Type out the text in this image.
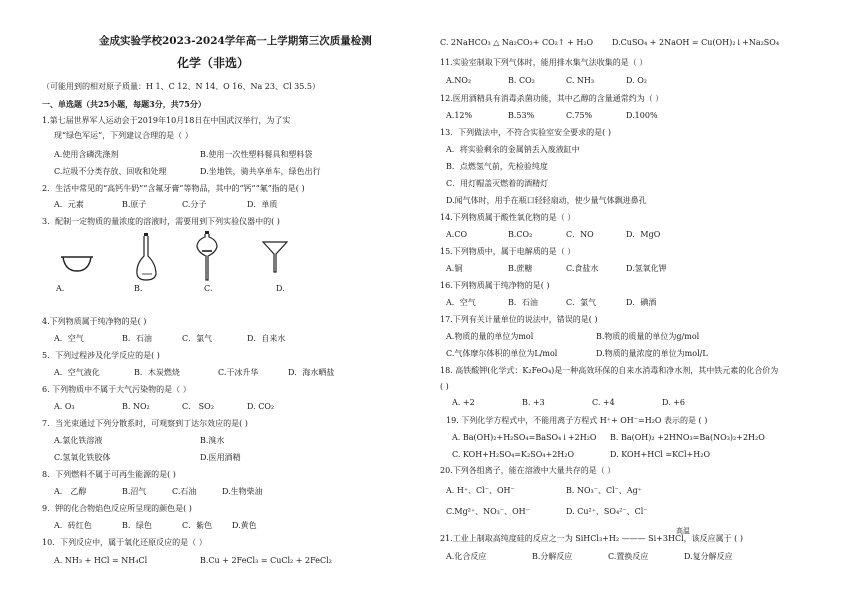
金成实验学校2023-2024学年高一上学期第三次质量检测
化学（非选）
（可能用到的相对原子质量：H 1、C 12、N 14、O 16、Na 23、Cl 35.5）
一、单选题（共25小题，每题3分，共75分）
1.第七届世界军人运动会于2019年10月18日在中国武汉举行，为了实
现“绿色军运”，下列建议合理的是（ ）
A.使用含磷洗涤剂	B.使用一次性塑料餐具和塑料袋
C.垃圾不分类存放、回收和处理	D.坐地铁，骑共享单车，绿色出行
2．生活中常见的“高钙牛奶”“含氟牙膏”等物品，其中的“钙”“氟”指的是( )
A．元素	B.原子	C.分子	D．单质
3．配制一定物质的量浓度的溶液时，需要用到下列实验仪器中的( )
A.	B.	C.	D.
4.下列物质属于纯净物的是( )
A．空气	B．石油	C．氯气	D．自来水
5．下列过程涉及化学反应的是( )
A．空气液化	B．木炭燃烧	C.干冰升华	D．海水晒盐
6. 下列物质中不属于大气污染物的是（ ）
A. O₃	B. NO₂	C． SO₂	D. CO₂
7．当光束通过下列分散系时，可观察到丁达尔效应的是( )
A.氯化铁溶液	B.溴水
C.氢氧化铁胶体	D.医用酒精
8．下列燃料不属于可再生能源的是( )
A． 乙醇	B.沼气	C.石油	D.生物柴油
9．钾的化合物焰色反应所呈现的颜色是( )
A．砖红色	B．绿色	C．紫色 D.黄色
10．下列反应中，属于氧化还原反应的是（ ）
A. NH₃ + HCl = NH₄Cl	B.Cu + 2FeCl₃ = CuCl₂ + 2FeCl₂
C. 2NaHCO₃ △ Na₂CO₃+ CO₂↑ + H₂O D.CuSO₄ + 2NaOH = Cu(OH)₂↓+Na₂SO₄
11.实验室制取下列气体时，能用排水集气法收集的是（ ）
A.NO₂	B. CO₂	C. NH₃	D. O₂
12.医用酒精具有消毒杀菌功能，其中乙醇的含量通常约为（ ）
A.12%	B.53%	C.75%	D.100%
13．下列做法中，不符合实验室安全要求的是( )
A．将实验剩余的金属钠丢入废液缸中
B．点燃氢气前，先检验纯度
C．用灯帽盖灭燃着的酒精灯
D.闻气体时，用手在瓶口轻轻扇动，使少量气体飘进鼻孔
14.下列物质属于酸性氧化物的是（ ）
A.CO	B.CO₂	C．NO	D．MgO
15.下列物质中，属于电解质的是（ ）
A.铜	B.蔗糖	C.食盐水	D.氢氧化钾
16.下列物质属于纯净物的是( )
A．空气	B．石油	C．氯气	D．碘酒
17.下列有关计量单位的说法中，错误的是( )
A.物质的量的单位为mol	B.物质的质量的单位为g/mol
C.气体摩尔体积的单位为L/mol	D.物质的量浓度的单位为mol/L
18. 高铁酸钾(化学式：K₂FeO₄)是一种高效环保的自来水消毒和净水剂，其中铁元素的化合价为
( )
A. +2	B. +3	C. +4	D. +6
19. 下列化学方程式中，不能用离子方程式 H⁺+ OH⁻=H₂O 表示的是 ( )
A. Ba(OH)₂+H₂SO₄=BaSO₄↓+2H₂O B. Ba(OH)₂ +2HNO₃=Ba(NO₃)₂+2H₂O
C. KOH+H₂SO₄=K₂SO₄+2H₂O	D. KOH+HCl =KCl+H₂O
20.下列各组离子，能在溶液中大量共存的是（ ）
A. H⁺、Cl⁻、OH⁻	B. NO₃⁻、Cl⁻、Ag⁺
C.Mg²⁺、NO₃⁻、OH⁻	D. Cu²⁺、SO₄²⁻、Cl⁻
高温
21.工业上制取高纯度硅的反应之一为 SiHCl₃+H₂ ——— Si+3HCl，该反应属于 ( )
A.化合反应	B.分解反应	C.置换反应	D.复分解反应
